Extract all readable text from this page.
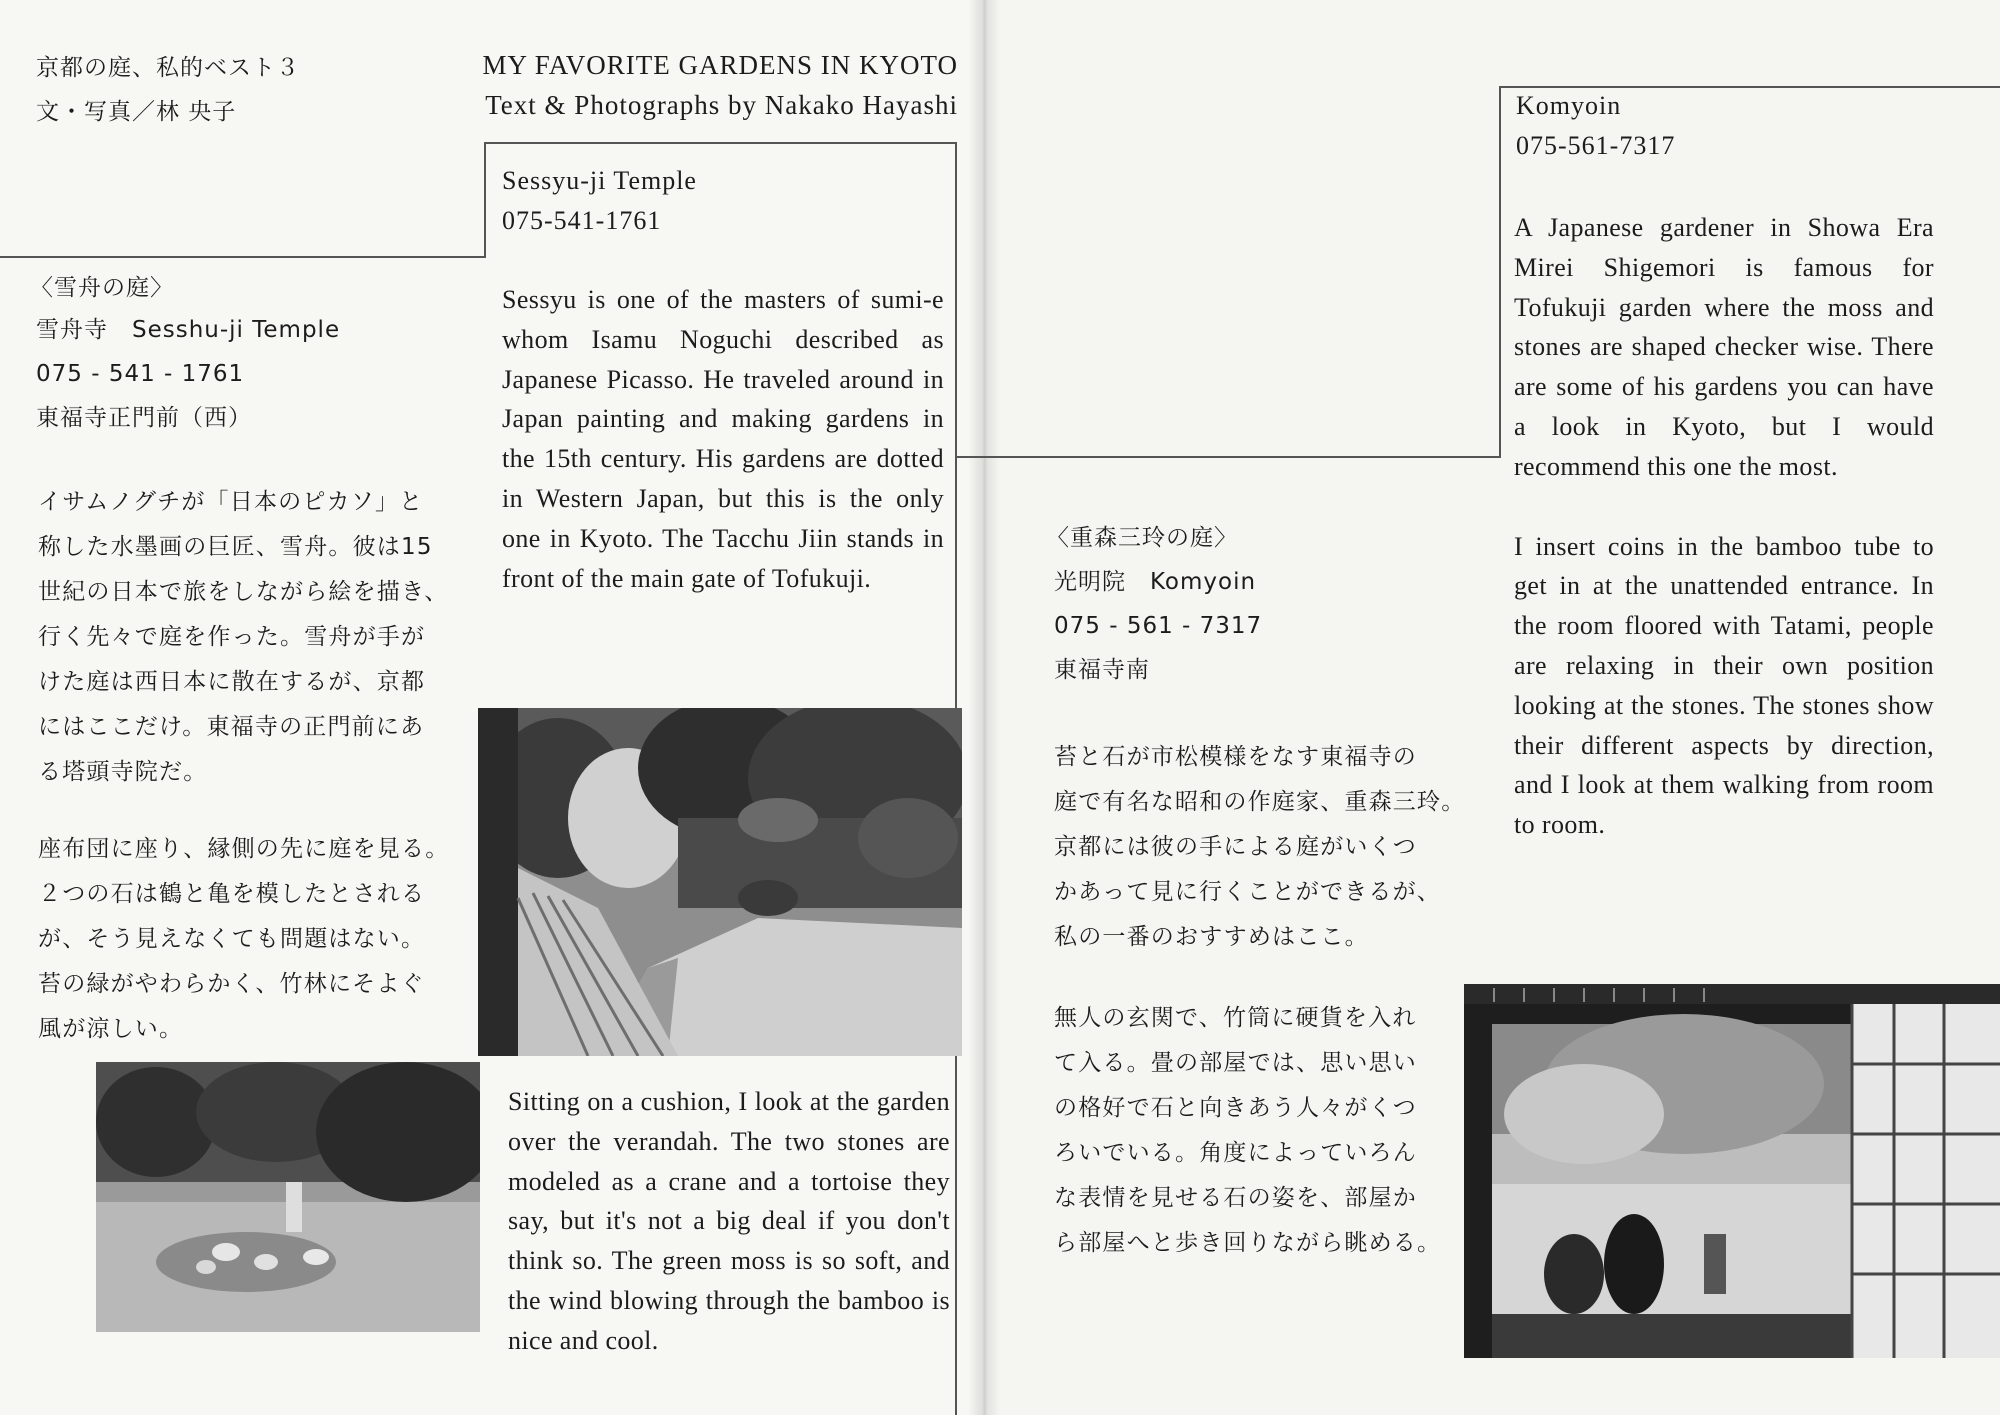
京都の庭、私的ベスト３
文・写真／林 央子
MY FAVORITE GARDENS IN KYOTO
Text & Photographs by Nakako Hayashi
Sessyu-ji Temple
075-541-1761

Sessyu is one of the masters of sumi-e whom Isamu Noguchi described as Japanese Picasso. He traveled around in Japan painting and making gardens in the 15th century. His gardens are dotted in Western Japan, but this is the only one in Kyoto. The Tacchu Jiin stands in front of the main gate of Tofukuji.

Sitting on a cushion, I look at the garden over the verandah. The two stones are modeled as a crane and a tortoise they say, but it's not a big deal if you don't think so. The green moss is so soft, and the wind blowing through the bamboo is nice and cool.

〈雪舟の庭〉
雪舟寺　Sesshu-ji Temple
075 - 541 - 1761
東福寺正門前（西）
イサムノグチが「日本のピカソ」と
称した水墨画の巨匠、雪舟。彼は15
世紀の日本で旅をしながら絵を描き、
行く先々で庭を作った。雪舟が手が
けた庭は西日本に散在するが、京都
にはここだけ。東福寺の正門前にあ
る塔頭寺院だ。
座布団に座り、縁側の先に庭を見る。
２つの石は鶴と亀を模したとされる
が、そう見えなくても問題はない。
苔の緑がやわらかく、竹林にそよぐ
風が涼しい。
Komyoin
075-561-7317

A Japanese gardener in Showa Era Mirei Shigemori is famous for Tofukuji garden where the moss and stones are shaped checker wise. There are some of his gardens you can have a look in Kyoto, but I would recommend this one the most.

I insert coins in the bamboo tube to get in at the unattended entrance. In the room floored with Tatami, people are relaxing in their own position looking at the stones. The stones show their different aspects by direction, and I look at them walking from room to room.

〈重森三玲の庭〉
光明院　Komyoin
075 - 561 - 7317
東福寺南
苔と石が市松模様をなす東福寺の
庭で有名な昭和の作庭家、重森三玲。
京都には彼の手による庭がいくつ
かあって見に行くことができるが、
私の一番のおすすめはここ。
無人の玄関で、竹筒に硬貨を入れ
て入る。畳の部屋では、思い思い
の格好で石と向きあう人々がくつ
ろいでいる。角度によっていろん
な表情を見せる石の姿を、部屋か
ら部屋へと歩き回りながら眺める。
